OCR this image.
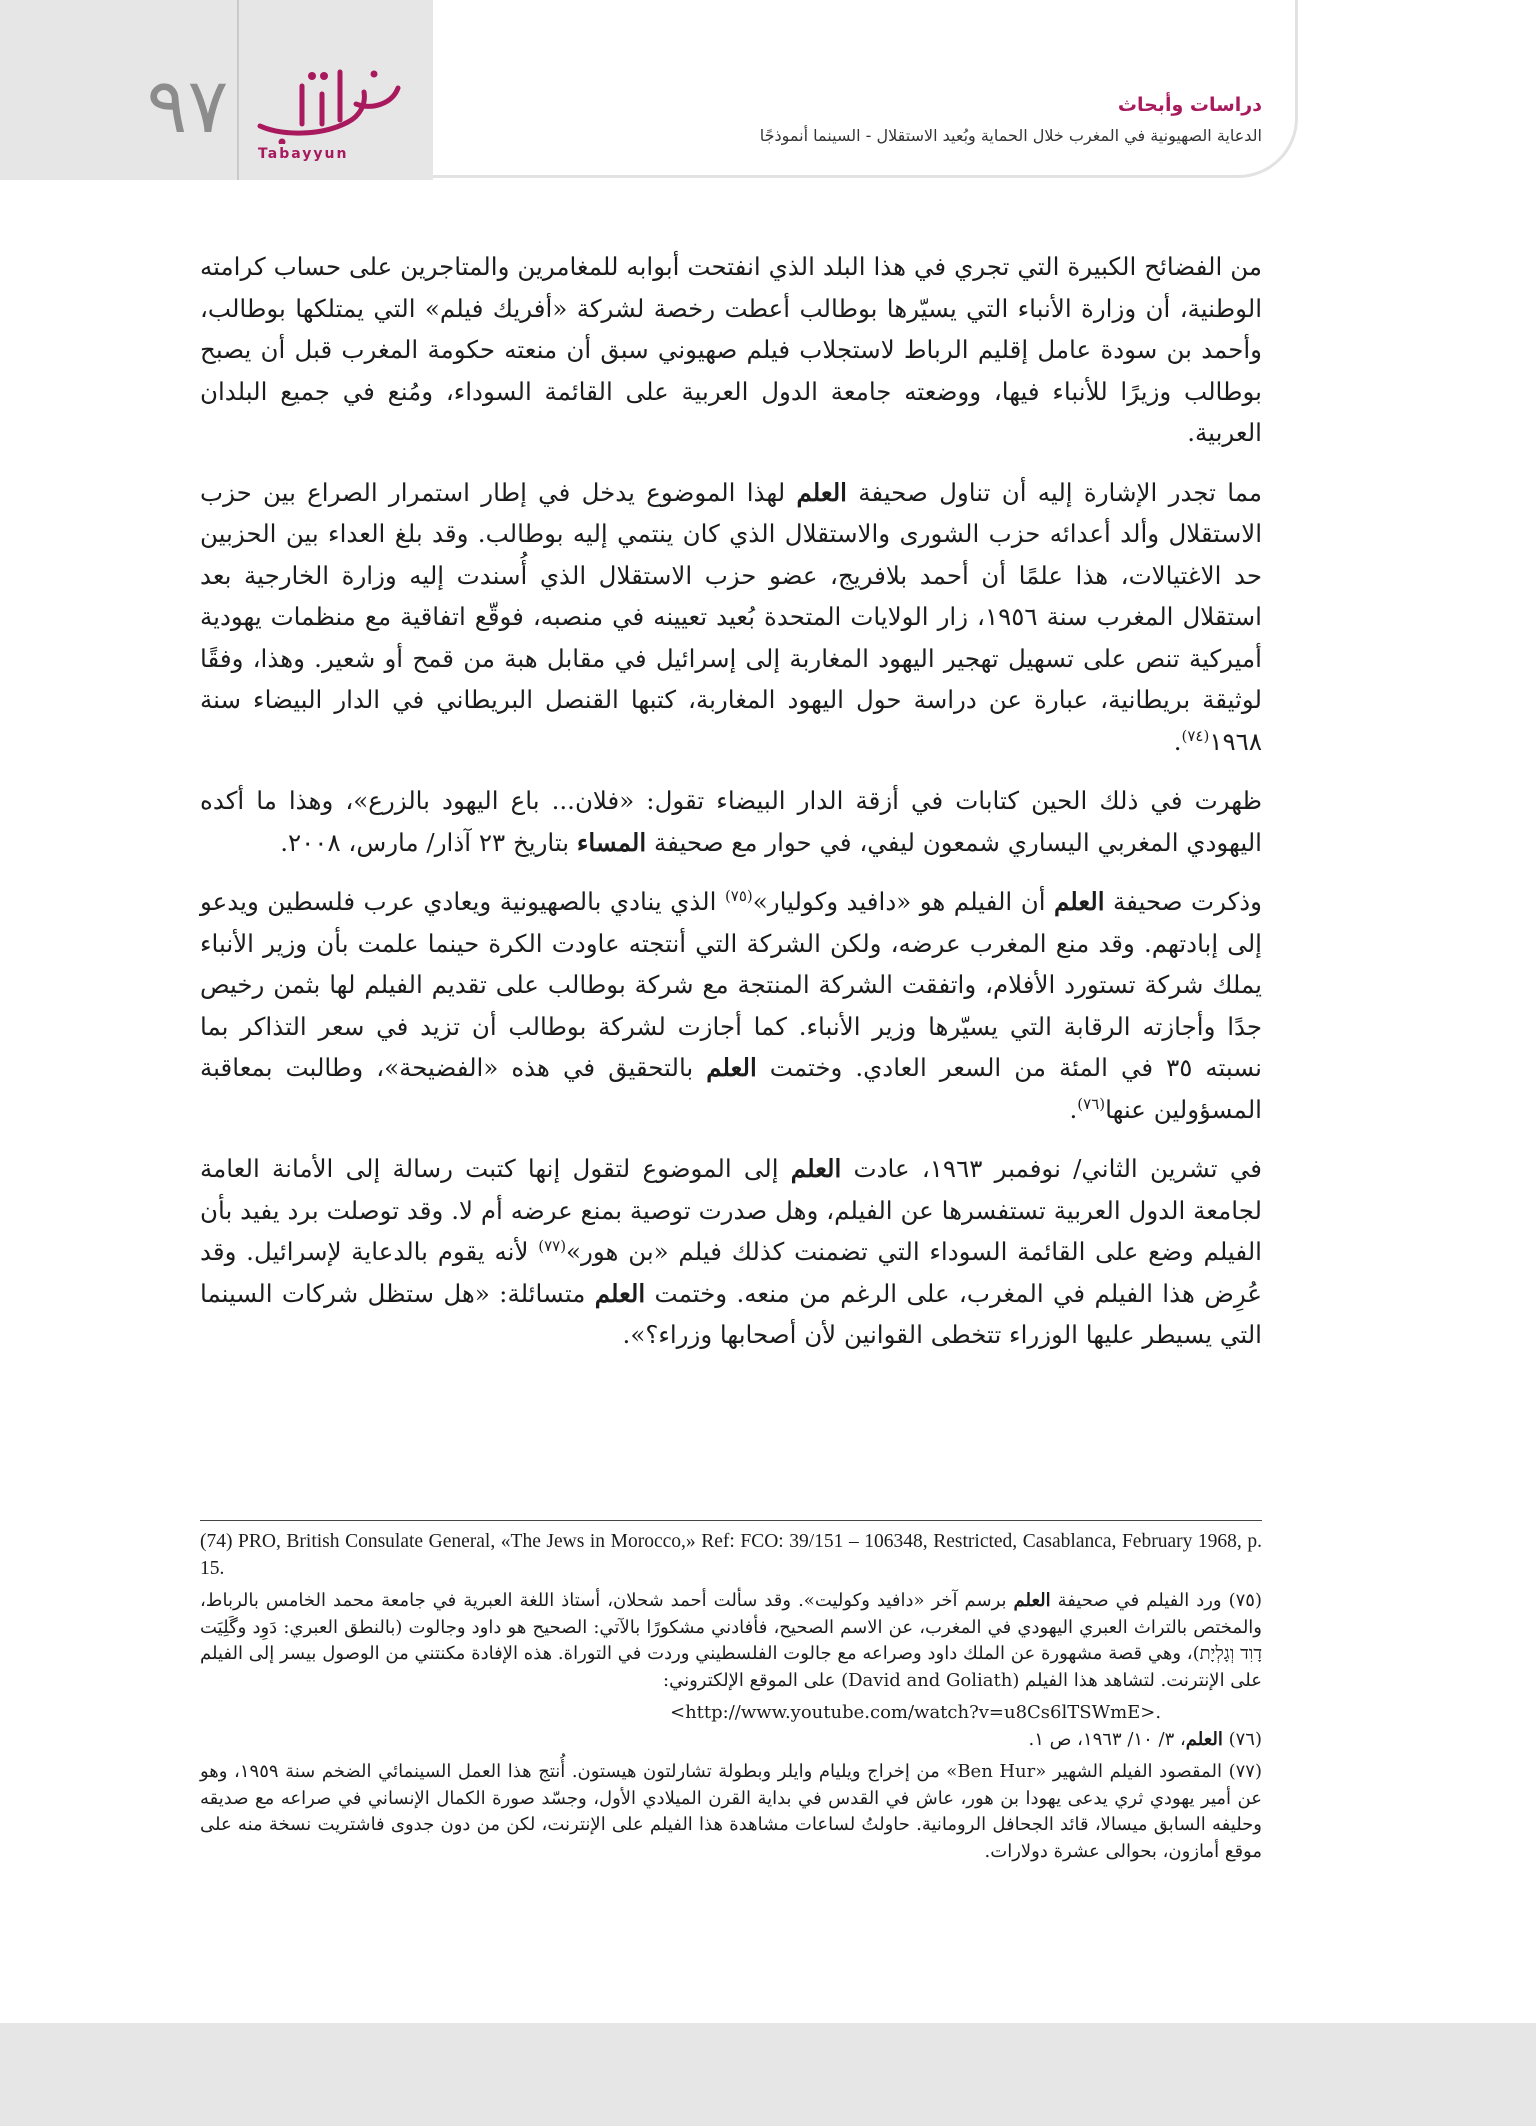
٩٧
Tabayyun
دراسات وأبحاث
الدعاية الصهيونية في المغرب خلال الحماية وبُعيد الاستقلال - السينما أنموذجًا

من الفضائح الكبيرة التي تجري في هذا البلد الذي انفتحت أبوابه للمغامرين والمتاجرين على حساب كرامته الوطنية، أن وزارة الأنباء التي يسيّرها بوطالب أعطت رخصة لشركة «أفريك فيلم» التي يمتلكها بوطالب، وأحمد بن سودة عامل إقليم الرباط لاستجلاب فيلم صهيوني سبق أن منعته حكومة المغرب قبل أن يصبح بوطالب وزيرًا للأنباء فيها، ووضعته جامعة الدول العربية على القائمة السوداء، ومُنع في جميع البلدان العربية.

مما تجدر الإشارة إليه أن تناول صحيفة العلم لهذا الموضوع يدخل في إطار استمرار الصراع بين حزب الاستقلال وألد أعدائه حزب الشورى والاستقلال الذي كان ينتمي إليه بوطالب. وقد بلغ العداء بين الحزبين حد الاغتيالات، هذا علمًا أن أحمد بلافريج، عضو حزب الاستقلال الذي أُسندت إليه وزارة الخارجية بعد استقلال المغرب سنة ١٩٥٦، زار الولايات المتحدة بُعيد تعيينه في منصبه، فوقّع اتفاقية مع منظمات يهودية أميركية تنص على تسهيل تهجير اليهود المغاربة إلى إسرائيل في مقابل هبة من قمح أو شعير. وهذا، وفقًا لوثيقة بريطانية، عبارة عن دراسة حول اليهود المغاربة، كتبها القنصل البريطاني في الدار البيضاء سنة ١٩٦٨$^{(٧٤)}$.

ظهرت في ذلك الحين كتابات في أزقة الدار البيضاء تقول: «فلان... باع اليهود بالزرع»، وهذا ما أكده اليهودي المغربي اليساري شمعون ليفي، في حوار مع صحيفة المساء بتاريخ ٢٣ آذار/ مارس، ٢٠٠٨.

وذكرت صحيفة العلم أن الفيلم هو «دافيد وكوليار»$^{(٧٥)}$ الذي ينادي بالصهيونية ويعادي عرب فلسطين ويدعو إلى إبادتهم. وقد منع المغرب عرضه، ولكن الشركة التي أنتجته عاودت الكرة حينما علمت بأن وزير الأنباء يملك شركة تستورد الأفلام، واتفقت الشركة المنتجة مع شركة بوطالب على تقديم الفيلم لها بثمن رخيص جدًا وأجازته الرقابة التي يسيّرها وزير الأنباء. كما أجازت لشركة بوطالب أن تزيد في سعر التذاكر بما نسبته ٣٥ في المئة من السعر العادي. وختمت العلم بالتحقيق في هذه «الفضيحة»، وطالبت بمعاقبة المسؤولين عنها$^{(٧٦)}$.

في تشرين الثاني/ نوفمبر ١٩٦٣، عادت العلم إلى الموضوع لتقول إنها كتبت رسالة إلى الأمانة العامة لجامعة الدول العربية تستفسرها عن الفيلم، وهل صدرت توصية بمنع عرضه أم لا. وقد توصلت برد يفيد بأن الفيلم وضع على القائمة السوداء التي تضمنت كذلك فيلم «بن هور»$^{(٧٧)}$ لأنه يقوم بالدعاية لإسرائيل. وقد عُرِض هذا الفيلم في المغرب، على الرغم من منعه. وختمت العلم متسائلة: «هل ستظل شركات السينما التي يسيطر عليها الوزراء تتخطى القوانين لأن أصحابها وزراء؟».

(74) PRO, British Consulate General, «The Jews in Morocco,» Ref: FCO: 39/151 – 106348, Restricted, Casablanca, February 1968, p. 15.

(٧٥) ورد الفيلم في صحيفة العلم برسم آخر «دافيد وكوليت». وقد سألت أحمد شحلان، أستاذ اللغة العبرية في جامعة محمد الخامس بالرباط، والمختص بالتراث العبري اليهودي في المغرب، عن الاسم الصحيح، فأفادني مشكورًا بالآتي: الصحيح هو داود وجالوت (بالنطق العبري: دَوِد وگَلِيَت דָוִד וְגָלְיָת)، وهي قصة مشهورة عن الملك داود وصراعه مع جالوت الفلسطيني وردت في التوراة. هذه الإفادة مكنتني من الوصول بيسر إلى الفيلم على الإنترنت. لتشاهد هذا الفيلم (David and Goliath) على الموقع الإلكتروني:

<http://www.youtube.com/watch?v=u8Cs6lTSWmE>.

(٧٦) العلم، ٣/ ١٠/ ١٩٦٣، ص ١.

(٧٧) المقصود الفيلم الشهير «Ben Hur» من إخراج ويليام وايلر وبطولة تشارلتون هيستون. أُنتج هذا العمل السينمائي الضخم سنة ١٩٥٩، وهو عن أمير يهودي ثري يدعى يهودا بن هور، عاش في القدس في بداية القرن الميلادي الأول، وجسّد صورة الكمال الإنساني في صراعه مع صديقه وحليفه السابق ميسالا، قائد الجحافل الرومانية. حاولتُ لساعات مشاهدة هذا الفيلم على الإنترنت، لكن من دون جدوى فاشتريت نسخة منه على موقع أمازون، بحوالى عشرة دولارات.
